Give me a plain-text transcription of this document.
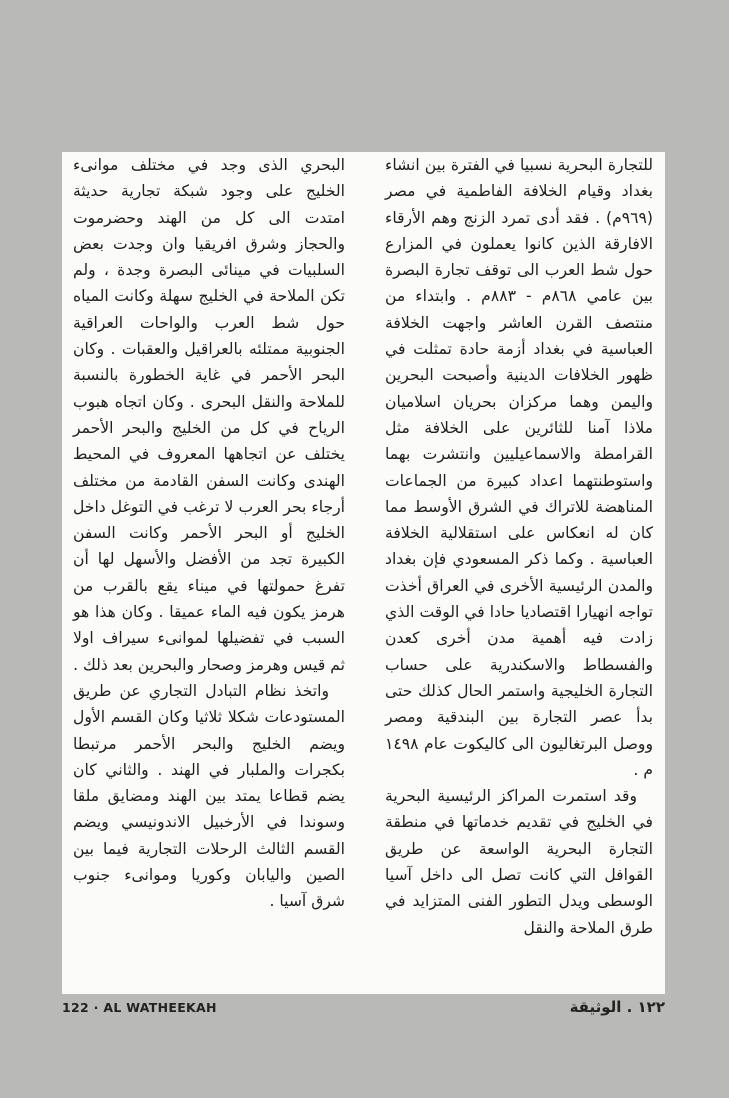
للتجارة البحرية نسبيا في الفترة بين انشاء بغداد وقيام الخلافة الفاطمية في مصر (٩٦٩م) . فقد أدى تمرد الزنج وهم الأرقاء الافارقة الذين كانوا يعملون في المزارع حول شط العرب الى توقف تجارة البصرة بين عامي ٨٦٨م - ٨٨٣م . وابتداء من منتصف القرن العاشر واجهت الخلافة العباسية في بغداد أزمة حادة تمثلت في ظهور الخلافات الدينية وأصبحت البحرين واليمن وهما مركزان بحريان اسلاميان ملاذا آمنا للثائرين على الخلافة مثل القرامطة والاسماعيليين وانتشرت بهما واستوطنتهما اعداد كبيرة من الجماعات المناهضة للاتراك في الشرق الأوسط مما كان له انعكاس على استقلالية الخلافة العباسية . وكما ذكر المسعودي فإن بغداد والمدن الرئيسية الأخرى في العراق أخذت تواجه انهيارا اقتصاديا حادا في الوقت الذي زادت فيه أهمية مدن أخرى كعدن والفسطاط والاسكندرية على حساب التجارة الخليجية واستمر الحال كذلك حتى بدأ عصر التجارة بين البندقية ومصر ووصل البرتغاليون الى كاليكوت عام ١٤٩٨ م .

وقد استمرت المراكز الرئيسية البحرية في الخليج في تقديم خدماتها في منطقة التجارة البحرية الواسعة عن طريق القوافل التي كانت تصل الى داخل آسيا الوسطى ويدل التطور الفنى المتزايد في طرق الملاحة والنقل

البحري الذى وجد في مختلف موانىء الخليج على وجود شبكة تجارية حديثة امتدت الى كل من الهند وحضرموت والحجاز وشرق افريقيا وان وجدت بعض السلبيات في مينائى البصرة وجدة ، ولم تكن الملاحة في الخليج سهلة وكانت المياه حول شط العرب والواحات العراقية الجنوبية ممتلئه بالعراقيل والعقبات . وكان البحر الأحمر في غاية الخطورة بالنسبة للملاحة والنقل البحرى . وكان اتجاه هبوب الرياح في كل من الخليج والبحر الأحمر يختلف عن اتجاهها المعروف في المحيط الهندى وكانت السفن القادمة من مختلف أرجاء بحر العرب لا ترغب في التوغل داخل الخليج أو البحر الأحمر وكانت السفن الكبيرة تجد من الأفضل والأسهل لها أن تفرغ حمولتها في ميناء يقع بالقرب من هرمز يكون فيه الماء عميقا . وكان هذا هو السبب في تفضيلها لموانىء سيراف اولا ثم قيس وهرمز وصحار والبحرين بعد ذلك .

واتخذ نظام التبادل التجاري عن طريق المستودعات شكلا ثلاثيا وكان القسم الأول ويضم الخليج والبحر الأحمر مرتبطا بكجرات والملبار في الهند . والثاني كان يضم قطاعا يمتد بين الهند ومضايق ملقا وسوندا في الأرخبيل الاندونيسي ويضم القسم الثالث الرحلات التجارية فيما بين الصين واليابان وكوريا وموانىء جنوب شرق آسيا .

122 · AL WATHEEKAH	١٢٢ . الوثيقة
